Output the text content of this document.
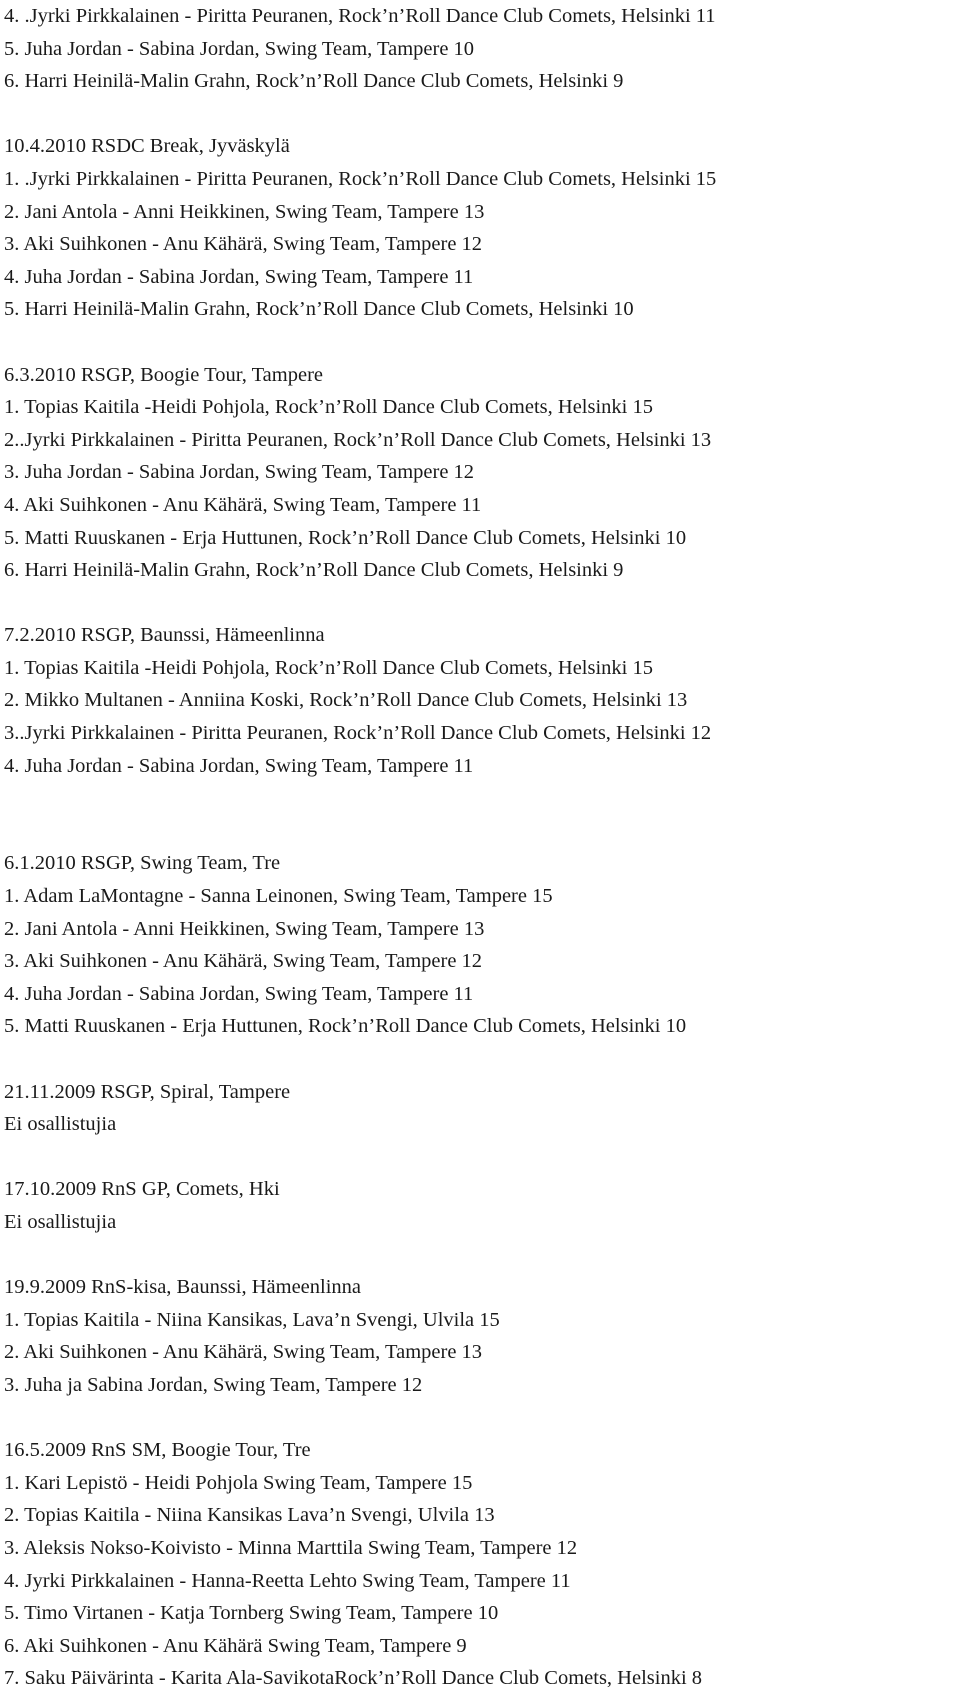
4. .Jyrki Pirkkalainen - Piritta Peuranen, Rock’n’Roll Dance Club Comets, Helsinki 11
5. Juha Jordan - Sabina Jordan, Swing Team, Tampere 10
6. Harri Heinilä-Malin Grahn, Rock’n’Roll Dance Club Comets, Helsinki 9
10.4.2010 RSDC Break, Jyväskylä
1. .Jyrki Pirkkalainen - Piritta Peuranen, Rock’n’Roll Dance Club Comets, Helsinki 15
2. Jani Antola - Anni Heikkinen, Swing Team, Tampere 13
3. Aki Suihkonen - Anu Kähärä, Swing Team, Tampere 12
4. Juha Jordan - Sabina Jordan, Swing Team, Tampere 11
5. Harri Heinilä-Malin Grahn, Rock’n’Roll Dance Club Comets, Helsinki 10
6.3.2010 RSGP, Boogie Tour, Tampere
1. Topias Kaitila -Heidi Pohjola, Rock’n’Roll Dance Club Comets, Helsinki 15
2..Jyrki Pirkkalainen - Piritta Peuranen, Rock’n’Roll Dance Club Comets, Helsinki 13
3. Juha Jordan - Sabina Jordan, Swing Team, Tampere 12
4. Aki Suihkonen - Anu Kähärä, Swing Team, Tampere 11
5. Matti Ruuskanen - Erja Huttunen, Rock’n’Roll Dance Club Comets, Helsinki 10
6. Harri Heinilä-Malin Grahn, Rock’n’Roll Dance Club Comets, Helsinki 9
7.2.2010 RSGP, Baunssi, Hämeenlinna
1. Topias Kaitila -Heidi Pohjola, Rock’n’Roll Dance Club Comets, Helsinki 15
2. Mikko Multanen - Anniina Koski, Rock’n’Roll Dance Club Comets, Helsinki 13
3..Jyrki Pirkkalainen - Piritta Peuranen, Rock’n’Roll Dance Club Comets, Helsinki 12
4. Juha Jordan - Sabina Jordan, Swing Team, Tampere 11
6.1.2010 RSGP, Swing Team, Tre
1. Adam LaMontagne - Sanna Leinonen, Swing Team, Tampere 15
2. Jani Antola - Anni Heikkinen, Swing Team, Tampere 13
3. Aki Suihkonen - Anu Kähärä, Swing Team, Tampere 12
4. Juha Jordan - Sabina Jordan, Swing Team, Tampere 11
5. Matti Ruuskanen - Erja Huttunen, Rock’n’Roll Dance Club Comets, Helsinki 10
21.11.2009 RSGP, Spiral, Tampere
Ei osallistujia
17.10.2009 RnS GP, Comets, Hki
Ei osallistujia
19.9.2009 RnS-kisa, Baunssi, Hämeenlinna
1. Topias Kaitila - Niina Kansikas, Lava’n Svengi, Ulvila 15
2. Aki Suihkonen - Anu Kähärä, Swing Team, Tampere 13
3. Juha ja Sabina Jordan, Swing Team, Tampere 12
16.5.2009 RnS SM, Boogie Tour, Tre
1. Kari Lepistö - Heidi Pohjola Swing Team, Tampere 15
2. Topias Kaitila - Niina Kansikas Lava’n Svengi, Ulvila 13
3. Aleksis Nokso-Koivisto - Minna Marttila Swing Team, Tampere 12
4. Jyrki Pirkkalainen - Hanna-Reetta Lehto Swing Team, Tampere 11
5. Timo Virtanen - Katja Tornberg Swing Team, Tampere 10
6. Aki Suihkonen - Anu Kähärä Swing Team, Tampere 9
7. Saku Päivärinta - Karita Ala-SavikotaRock’n’Roll Dance Club Comets, Helsinki 8
